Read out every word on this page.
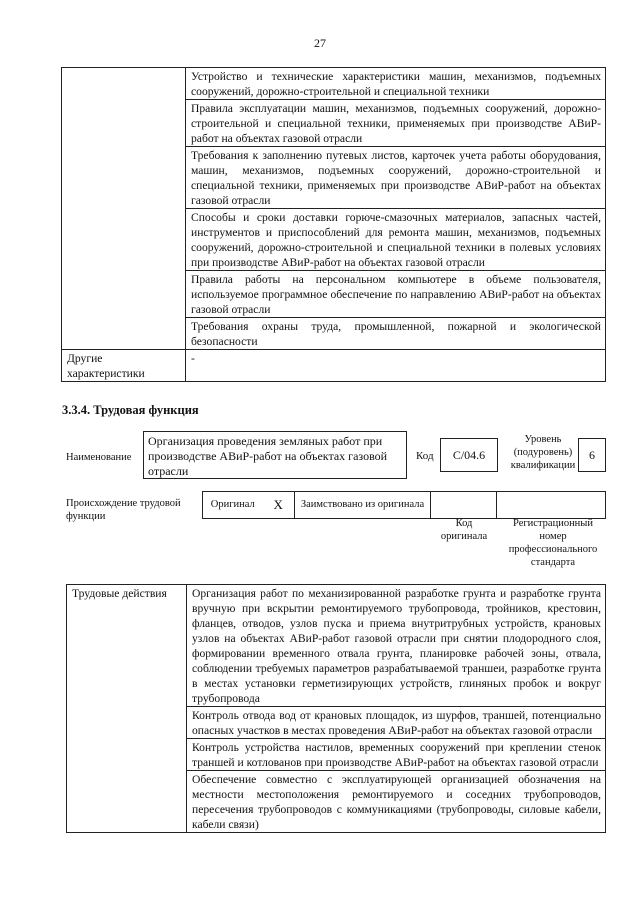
27
	Устройство и технические характеристики машин, механизмов, подъемных сооружений, дорожно-строительной и специальной техники
	Правила эксплуатации машин, механизмов, подъемных сооружений, дорожно-строительной и специальной техники, применяемых при производстве АВиР-работ на объектах газовой отрасли
	Требования к заполнению путевых листов, карточек учета работы оборудования, машин, механизмов, подъемных сооружений, дорожно-строительной и специальной техники, применяемых при производстве АВиР-работ на объектах газовой отрасли
	Способы и сроки доставки горюче-смазочных материалов, запасных частей, инструментов и приспособлений для ремонта машин, механизмов, подъемных сооружений, дорожно-строительной и специальной техники в полевых условиях при производстве АВиР-работ на объектах газовой отрасли
	Правила работы на персональном компьютере в объеме пользователя, используемое программное обеспечение по направлению АВиР-работ на объектах газовой отрасли
	Требования охраны труда, промышленной, пожарной и экологической безопасности
Другие характеристики	-
3.3.4. Трудовая функция
Наименование
Организация проведения земляных работ при производстве АВиР-работ на объектах газовой отрасли
Код	C/04.6
Уровень (подуровень) квалификации
6
Происхождение трудовой функции
Оригинал	X	Заимствовано из оригинала		
Код оригинала
Регистрационный номер профессионального стандарта
Трудовые действия	Организация работ по механизированной разработке грунта и разработке грунта вручную при вскрытии ремонтируемого трубопровода, тройников, крестовин, фланцев, отводов, узлов пуска и приема внутритрубных устройств, крановых узлов на объектах АВиР-работ газовой отрасли при снятии плодородного слоя, формировании временного отвала грунта, планировке рабочей зоны, отвала, соблюдении требуемых параметров разрабатываемой траншеи, разработке грунта в местах установки герметизирующих устройств, глиняных пробок и вокруг трубопровода
Контроль отвода вод от крановых площадок, из шурфов, траншей, потенциально опасных участков в местах проведения АВиР-работ на объектах газовой отрасли
Контроль устройства настилов, временных сооружений при креплении стенок траншей и котлованов при производстве АВиР-работ на объектах газовой отрасли
Обеспечение совместно с эксплуатирующей организацией обозначения на местности местоположения ремонтируемого и соседних трубопроводов, пересечения трубопроводов с коммуникациями (трубопроводы, силовые кабели, кабели связи)
